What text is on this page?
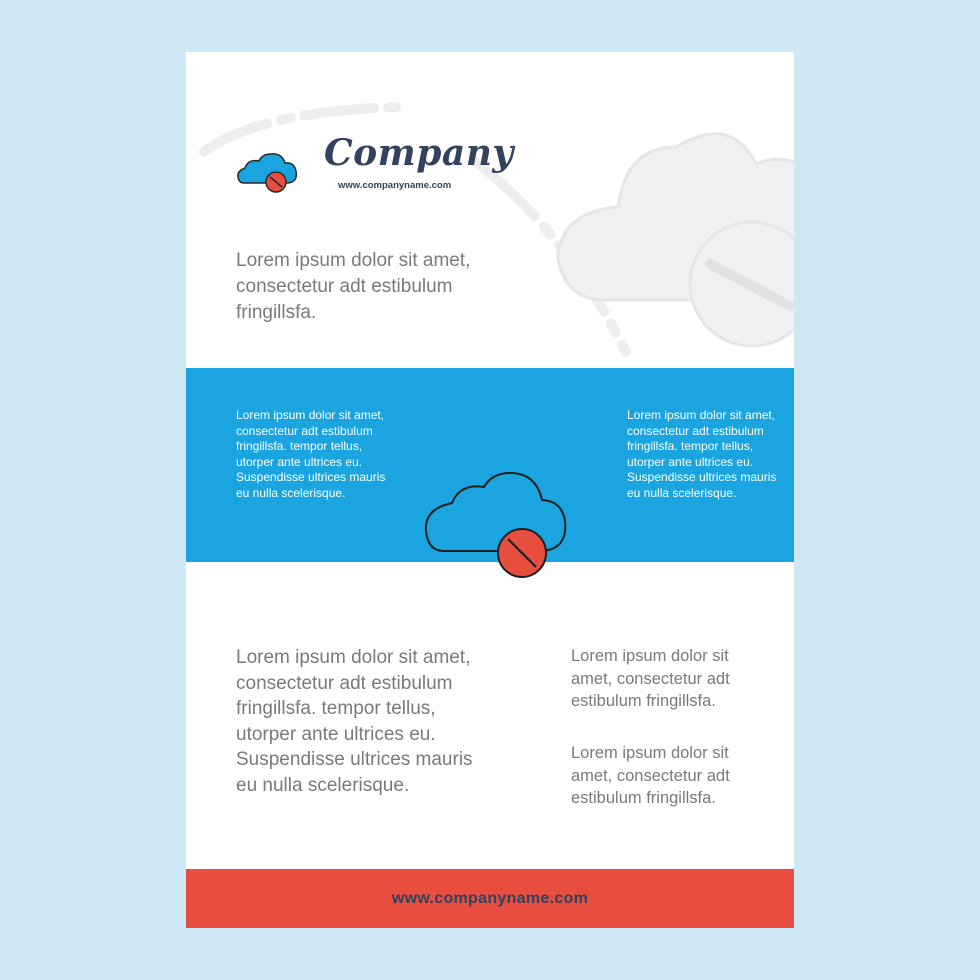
Company
www.companyname.com
Lorem ipsum dolor sit amet, consectetur adt estibulum fringillsfa.
Lorem ipsum dolor sit amet, consectetur adt estibulum fringillsfa. tempor tellus, utorper ante ultrices eu. Suspendisse ultrices mauris eu nulla scelerisque.
Lorem ipsum dolor sit amet, consectetur adt estibulum fringillsfa. tempor tellus, utorper ante ultrices eu. Suspendisse ultrices mauris eu nulla scelerisque.
Lorem ipsum dolor sit amet, consectetur adt estibulum fringillsfa. tempor tellus, utorper ante ultrices eu. Suspendisse ultrices mauris eu nulla scelerisque.
Lorem ipsum dolor sit amet, consectetur adt estibulum fringillsfa.
Lorem ipsum dolor sit amet, consectetur adt estibulum fringillsfa.
www.companyname.com
